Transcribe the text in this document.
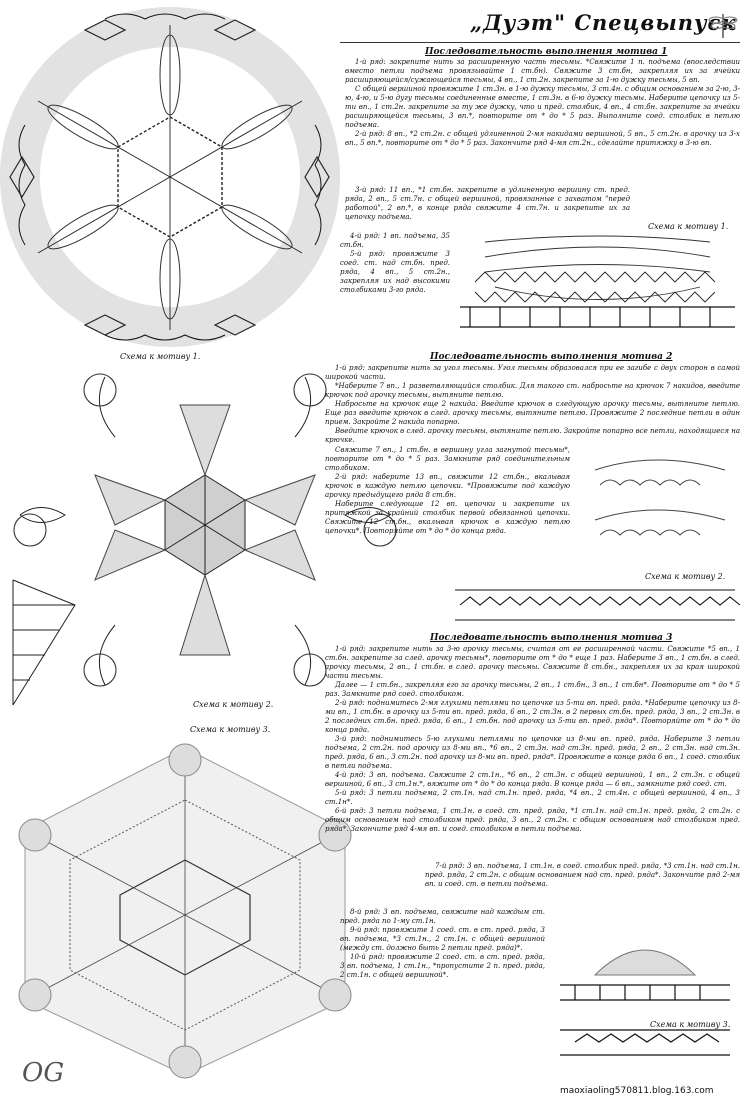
„Дуэт" Спецвыпуск
Схема к мотиву 1.
Последовательность выполнения мотива 1

1-й ряд: закрепите нить за расширенную часть тесьмы. *Свяжите 1 п. подъема (впоследствии вместо петли подъема провязывайте 1 ст.бн). Свяжите 3 ст.бн, закрепляя их за ячейки расширяющейся/сужающейся тесьмы, 4 вп., 1 ст.2н. закрепите за 1-ю дужку тесьмы, 5 вп.

С общей вершиной провяжите 1 ст.3н. в 1-ю дужку тесьмы, 3 ст.4н. с общим основанием за 2-ю, 3-ю, 4-ю, и 5-ю дугу тесьмы соединенные вместе, 1 ст.3н. в 6-ю дужку тесьмы. Наберите цепочку из 5-ти вп., 1 ст.2н. закрепите за ту же дужку, что и пред. столбик, 4 вп., 4 ст.бн. закрепите за ячейки расширяющейся тесьмы, 3 вп.*, повторите от * до * 5 раз. Выполните соед. столбик в петлю подъема.

2-й ряд: 8 вп., *2 ст.2н. с общей удлиненной 2-мя накидами вершиной, 5 вп., 5 ст.2н. в арочку из 3-х вп., 5 вп.*, повторите от * до * 5 раз. Закончите ряд 4-мя ст.2н., сделайте притяжку в 3-ю вп.

3-й ряд: 11 вп., *1 ст.бн. закрепите в удлиненную вершину ст. пред. ряда, 2 вп., 5 ст.7н. с общей вершиной, провязанные с захватом "перед работой", 2 вп.*, в конце ряда свяжите 4 ст.7н. и закрепите их за цепочку подъема.

Схема к мотиву 1.

4-й ряд: 1 вп. подъема, 35 ст.бн.

5-й ряд: провяжите 3 соед. ст. над ст.бн. пред. ряда, 4 вп., 5 ст.2н., закрепляя их над высокими столбиками 3-го ряда.

Схема к мотиву 2.
Последовательность выполнения мотива 2

1-й ряд: закрепите нить за угол тесьмы. Угол тесьмы образовался при ее загибе с двух сторон в самой широкой части.

*Наберите 7 вп., 1 разветвляющийся столбик. Для такого ст. набросьте на крючок 7 накидов, введите крючок под арочку тесьмы, вытяните петлю.

Набросьте на крючок еще 2 накида. Введите крючок в следующую арочку тесьмы, вытяните петлю. Еще раз введите крючок в след. арочку тесьмы, вытяните петлю. Провяжите 2 последние петли в один прием. Закройте 2 накида попарно.

Введите крючок в след. арочку тесьмы, вытяните петлю. Закройте попарно все петли, находящиеся на крючке.

Свяжите 7 вп., 1 ст.бн. в вершину угла загнутой тесьмы*, повторите от * до * 5 раз. Замкните ряд соединительным столбиком.

2-й ряд: наберите 13 вп., свяжите 12 ст.бн., вкалывая крючок в каждую петлю цепочки. *Провяжите под каждую арочку предыдущего ряда 8 ст.бн.

Наберите следующие 12 вп. цепочки и закрепите их притяжкой за крайний столбик первой обвязанной цепочки. Свяжите 12 ст.бн., вкалывая крючок в каждую петлю цепочки*. Повторяйте от * до * до конца ряда.

Схема к мотиву 2.
Схема к мотиву 3.
Последовательность выполнения мотива 3

1-й ряд: закрепите нить за 3-ю арочку тесьмы, считая от ее расширенной части. Свяжите *5 вп., 1 ст.бн. закрепите за след. арочку тесьмы*, повторите от * до * еще 1 раз. Наберите 3 вп., 1 ст.бн. в след. арочку тесьмы, 2 вп., 1 ст.бн. в след. арочку тесьмы. Свяжите 8 ст.бн., закрепляя их за края широкой части тесьмы.

Далее — 1 ст.бн., закрепляя его за арочку тесьмы, 2 вп., 1 ст.бн., 3 вп., 1 ст.бн*. Повторите от * до * 5 раз. Замкните ряд соед. столбиком.

2-й ряд: поднимитесь 2-мя глухими петлями по цепочке из 5-ти вп. пред. ряда. *Наберите цепочку из 8-ми вп., 1 ст.бн. в арочку из 5-ти вп. пред. ряда, 6 вп., 2 ст.3н. в 2 первых ст.бн. пред. ряда, 3 вп., 2 ст.3н. в 2 последних ст.бн. пред. ряда, 6 вп., 1 ст.бн. под арочку из 5-ти вп. пред. ряда*. Повторяйте от * до * до конца ряда.

3-й ряд: поднимитесь 5-ю глухими петлями по цепочке из 8-ми вп. пред. ряда. Наберите 3 петли подъема, 2 ст.2н. под арочку из 8-ми вп., *6 вп., 2 ст.3н. над ст.3н. пред. ряда, 2 вп., 2 ст.3н. над ст.3н. пред. ряда, 6 вп., 3 ст.2н. под арочку из 8-ми вп. пред. ряда*. Провяжите в конце ряда 6 вп., 1 соед. столбик в петли подъема.

4-й ряд: 3 вп. подъема. Свяжите 2 ст.1н., *6 вп., 2 ст.3н. с общей вершиной, 1 вп., 2 ст.3н. с общей вершиной, 6 вп., 3 ст.1н.*, вяжите от * до * до конца ряда. В конце ряда — 6 вп., замкните ряд соед. ст.

5-й ряд: 3 петли подъема, 2 ст.1н. над ст.1н. пред. ряда, *4 вп., 2 ст.4н. с общей вершиной, 4 вп., 3 ст.1н*.

6-й ряд: 3 петли подъема, 1 ст.1н. в соед. ст. пред. ряда, *1 ст.1н. над ст.1н. пред. ряда, 2 ст.2н. с общим основанием над столбиком пред. ряда, 3 вп., 2 ст.2н. с общим основанием над столбиком пред. ряда*. Закончите ряд 4-мя вп. и соед. столбиком в петли подъема.

7-й ряд: 3 вп. подъема, 1 ст.1н. в соед. столбик пред. ряда, *3 ст.1н. над ст.1н. пред. ряда, 2 ст.2н. с общим основанием над ст. пред. ряда*. Закончите ряд 2-мя вп. и соед. ст. в петли подъема.

8-й ряд: 3 вп. подъема, свяжите над каждым ст. пред. ряда по 1-му ст.1н.

9-й ряд: провяжите 1 соед. ст. в ст. пред. ряда, 3 вп. подъема, *3 ст.1н., 2 ст.1н. с общей вершиной (между ст. должно быть 2 петли пред. ряда)*.

10-й ряд: провяжите 2 соед. ст. в ст. пред. ряда, 3 вп. подъема, 1 ст.1н., *пропустите 2 п. пред. ряда, 2 ст.1н. с общей вершиной*.

Схема к мотиву 3.
OG
maoxiaoling570811.blog.163.com
